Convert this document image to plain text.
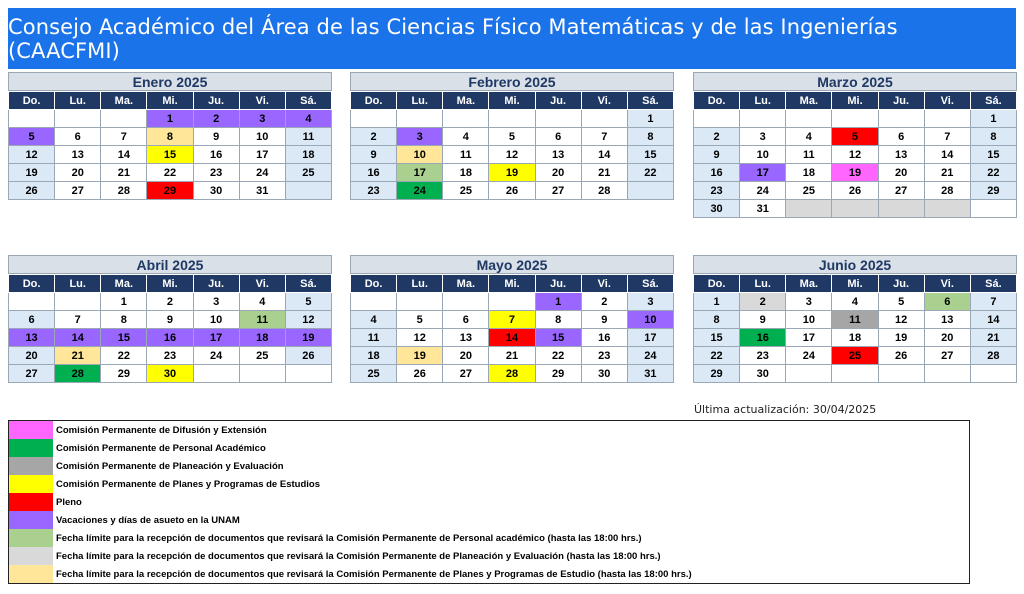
Consejo Académico del Área de las Ciencias Físico Matemáticas y de las Ingenierías (CAACFMI)
Enero 2025
Do.	Lu.	Ma.	Mi.	Ju.	Vi.	Sá.
			1	2	3	4
5	6	7	8	9	10	11
12	13	14	15	16	17	18
19	20	21	22	23	24	25
26	27	28	29	30	31	
Febrero 2025
Do.	Lu.	Ma.	Mi.	Ju.	Vi.	Sá.
						1
2	3	4	5	6	7	8
9	10	11	12	13	14	15
16	17	18	19	20	21	22
23	24	25	26	27	28	
Marzo 2025
Do.	Lu.	Ma.	Mi.	Ju.	Vi.	Sá.
						1
2	3	4	5	6	7	8
9	10	11	12	13	14	15
16	17	18	19	20	21	22
23	24	25	26	27	28	29
30	31					
Abril 2025
Do.	Lu.	Ma.	Mi.	Ju.	Vi.	Sá.
		1	2	3	4	5
6	7	8	9	10	11	12
13	14	15	16	17	18	19
20	21	22	23	24	25	26
27	28	29	30			
Mayo 2025
Do.	Lu.	Ma.	Mi.	Ju.	Vi.	Sá.
				1	2	3
4	5	6	7	8	9	10
11	12	13	14	15	16	17
18	19	20	21	22	23	24
25	26	27	28	29	30	31
Junio 2025
Do.	Lu.	Ma.	Mi.	Ju.	Vi.	Sá.
1	2	3	4	5	6	7
8	9	10	11	12	13	14
15	16	17	18	19	20	21
22	23	24	25	26	27	28
29	30					
Última actualización: 30/04/2025
Comisión Permanente de Difusión y Extensión
Comisión Permanente de Personal Académico
Comisión Permanente de Planeación y Evaluación
Comisión Permanente de Planes y Programas de Estudios
Pleno
Vacaciones y días de asueto en la UNAM
Fecha límite para la recepción de documentos que revisará la Comisión Permanente de Personal académico (hasta las 18:00 hrs.)
Fecha límite para la recepción de documentos que revisará la Comisión Permanente de Planeación y Evaluación (hasta las 18:00 hrs.)
Fecha límite para la recepción de documentos que revisará la Comisión Permanente de Planes y Programas de Estudio (hasta las 18:00 hrs.)
